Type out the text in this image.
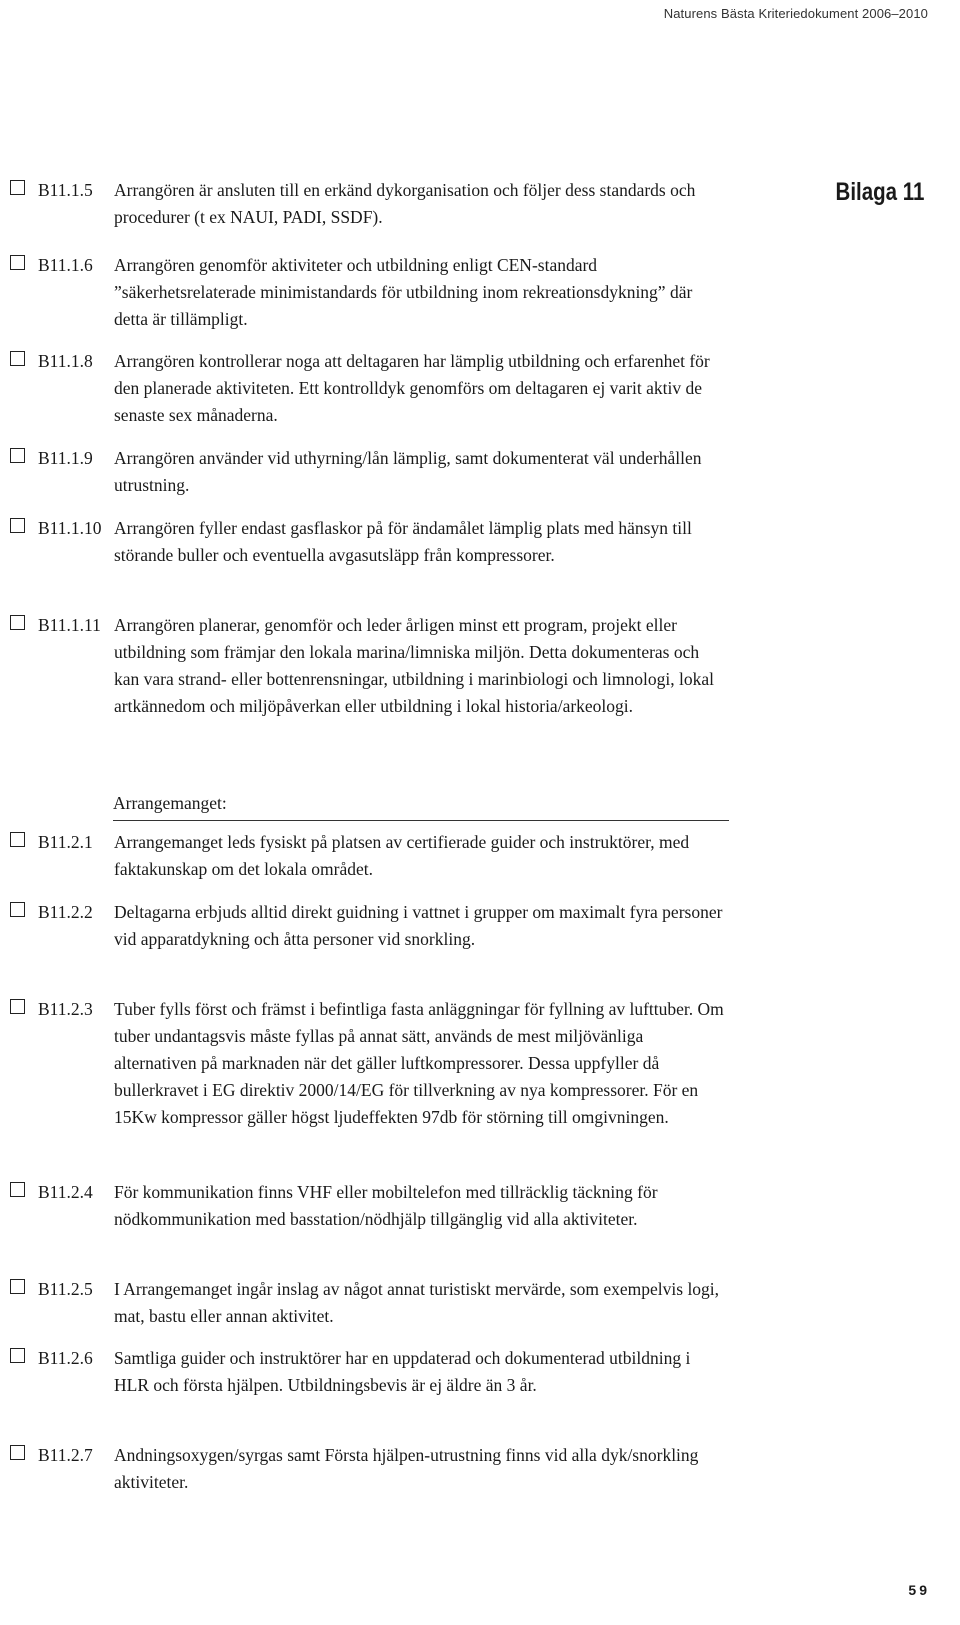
Naturens Bästa Kriteriedokument 2006–2010
Bilaga 11
B11.1.5 Arrangören är ansluten till en erkänd dykorganisation och följer dess standards och procedurer (t ex NAUI, PADI, SSDF).
B11.1.6 Arrangören genomför aktiviteter och utbildning enligt CEN-standard ”säkerhetsrelaterade minimistandards för utbildning inom rekreationsdykning” där detta är tillämpligt.
B11.1.8 Arrangören kontrollerar noga att deltagaren har lämplig utbildning och erfarenhet för den planerade aktiviteten. Ett kontrolldyk genomförs om deltagaren ej varit aktiv de senaste sex månaderna.
B11.1.9 Arrangören använder vid uthyrning/lån lämplig, samt dokumenterat väl underhållen utrustning.
B11.1.10 Arrangören fyller endast gasflaskor på för ändamålet lämplig plats med hänsyn till störande buller och eventuella avgasutsläpp från kompressorer.
B11.1.11 Arrangören planerar, genomför och leder årligen minst ett program, projekt eller utbildning som främjar den lokala marina/limniska miljön. Detta dokumenteras och kan vara strand- eller bottenrensningar, utbildning i marinbiologi och limnologi, lokal artkännedom och miljöpåverkan eller utbildning i lokal historia/arkeologi.
Arrangemanget:
B11.2.1 Arrangemanget leds fysiskt på platsen av certifierade guider och instruktörer, med faktakunskap om det lokala området.
B11.2.2 Deltagarna erbjuds alltid direkt guidning i vattnet i grupper om maximalt fyra personer vid apparatdykning och åtta personer vid snorkling.
B11.2.3 Tuber fylls först och främst i befintliga fasta anläggningar för fyllning av lufttuber. Om tuber undantagsvis måste fyllas på annat sätt, används de mest miljövänliga alternativen på marknaden när det gäller luftkompressorer. Dessa uppfyller då bullerkravet i EG direktiv 2000/14/EG för tillverkning av nya kompressorer. För en 15Kw kompressor gäller högst ljudeffekten 97db för störning till omgivningen.
B11.2.4 För kommunikation finns VHF eller mobiltelefon med tillräcklig täckning för nödkommunikation med basstation/nödhjälp tillgänglig vid alla aktiviteter.
B11.2.5 I Arrangemanget ingår inslag av något annat turistiskt mervärde, som exempelvis logi, mat, bastu eller annan aktivitet.
B11.2.6 Samtliga guider och instruktörer har en uppdaterad och dokumenterad utbildning i HLR och första hjälpen. Utbildningsbevis är ej äldre än 3 år.
B11.2.7 Andningsoxygen/syrgas samt Första hjälpen-utrustning finns vid alla dyk/snorkling aktiviteter.
59
